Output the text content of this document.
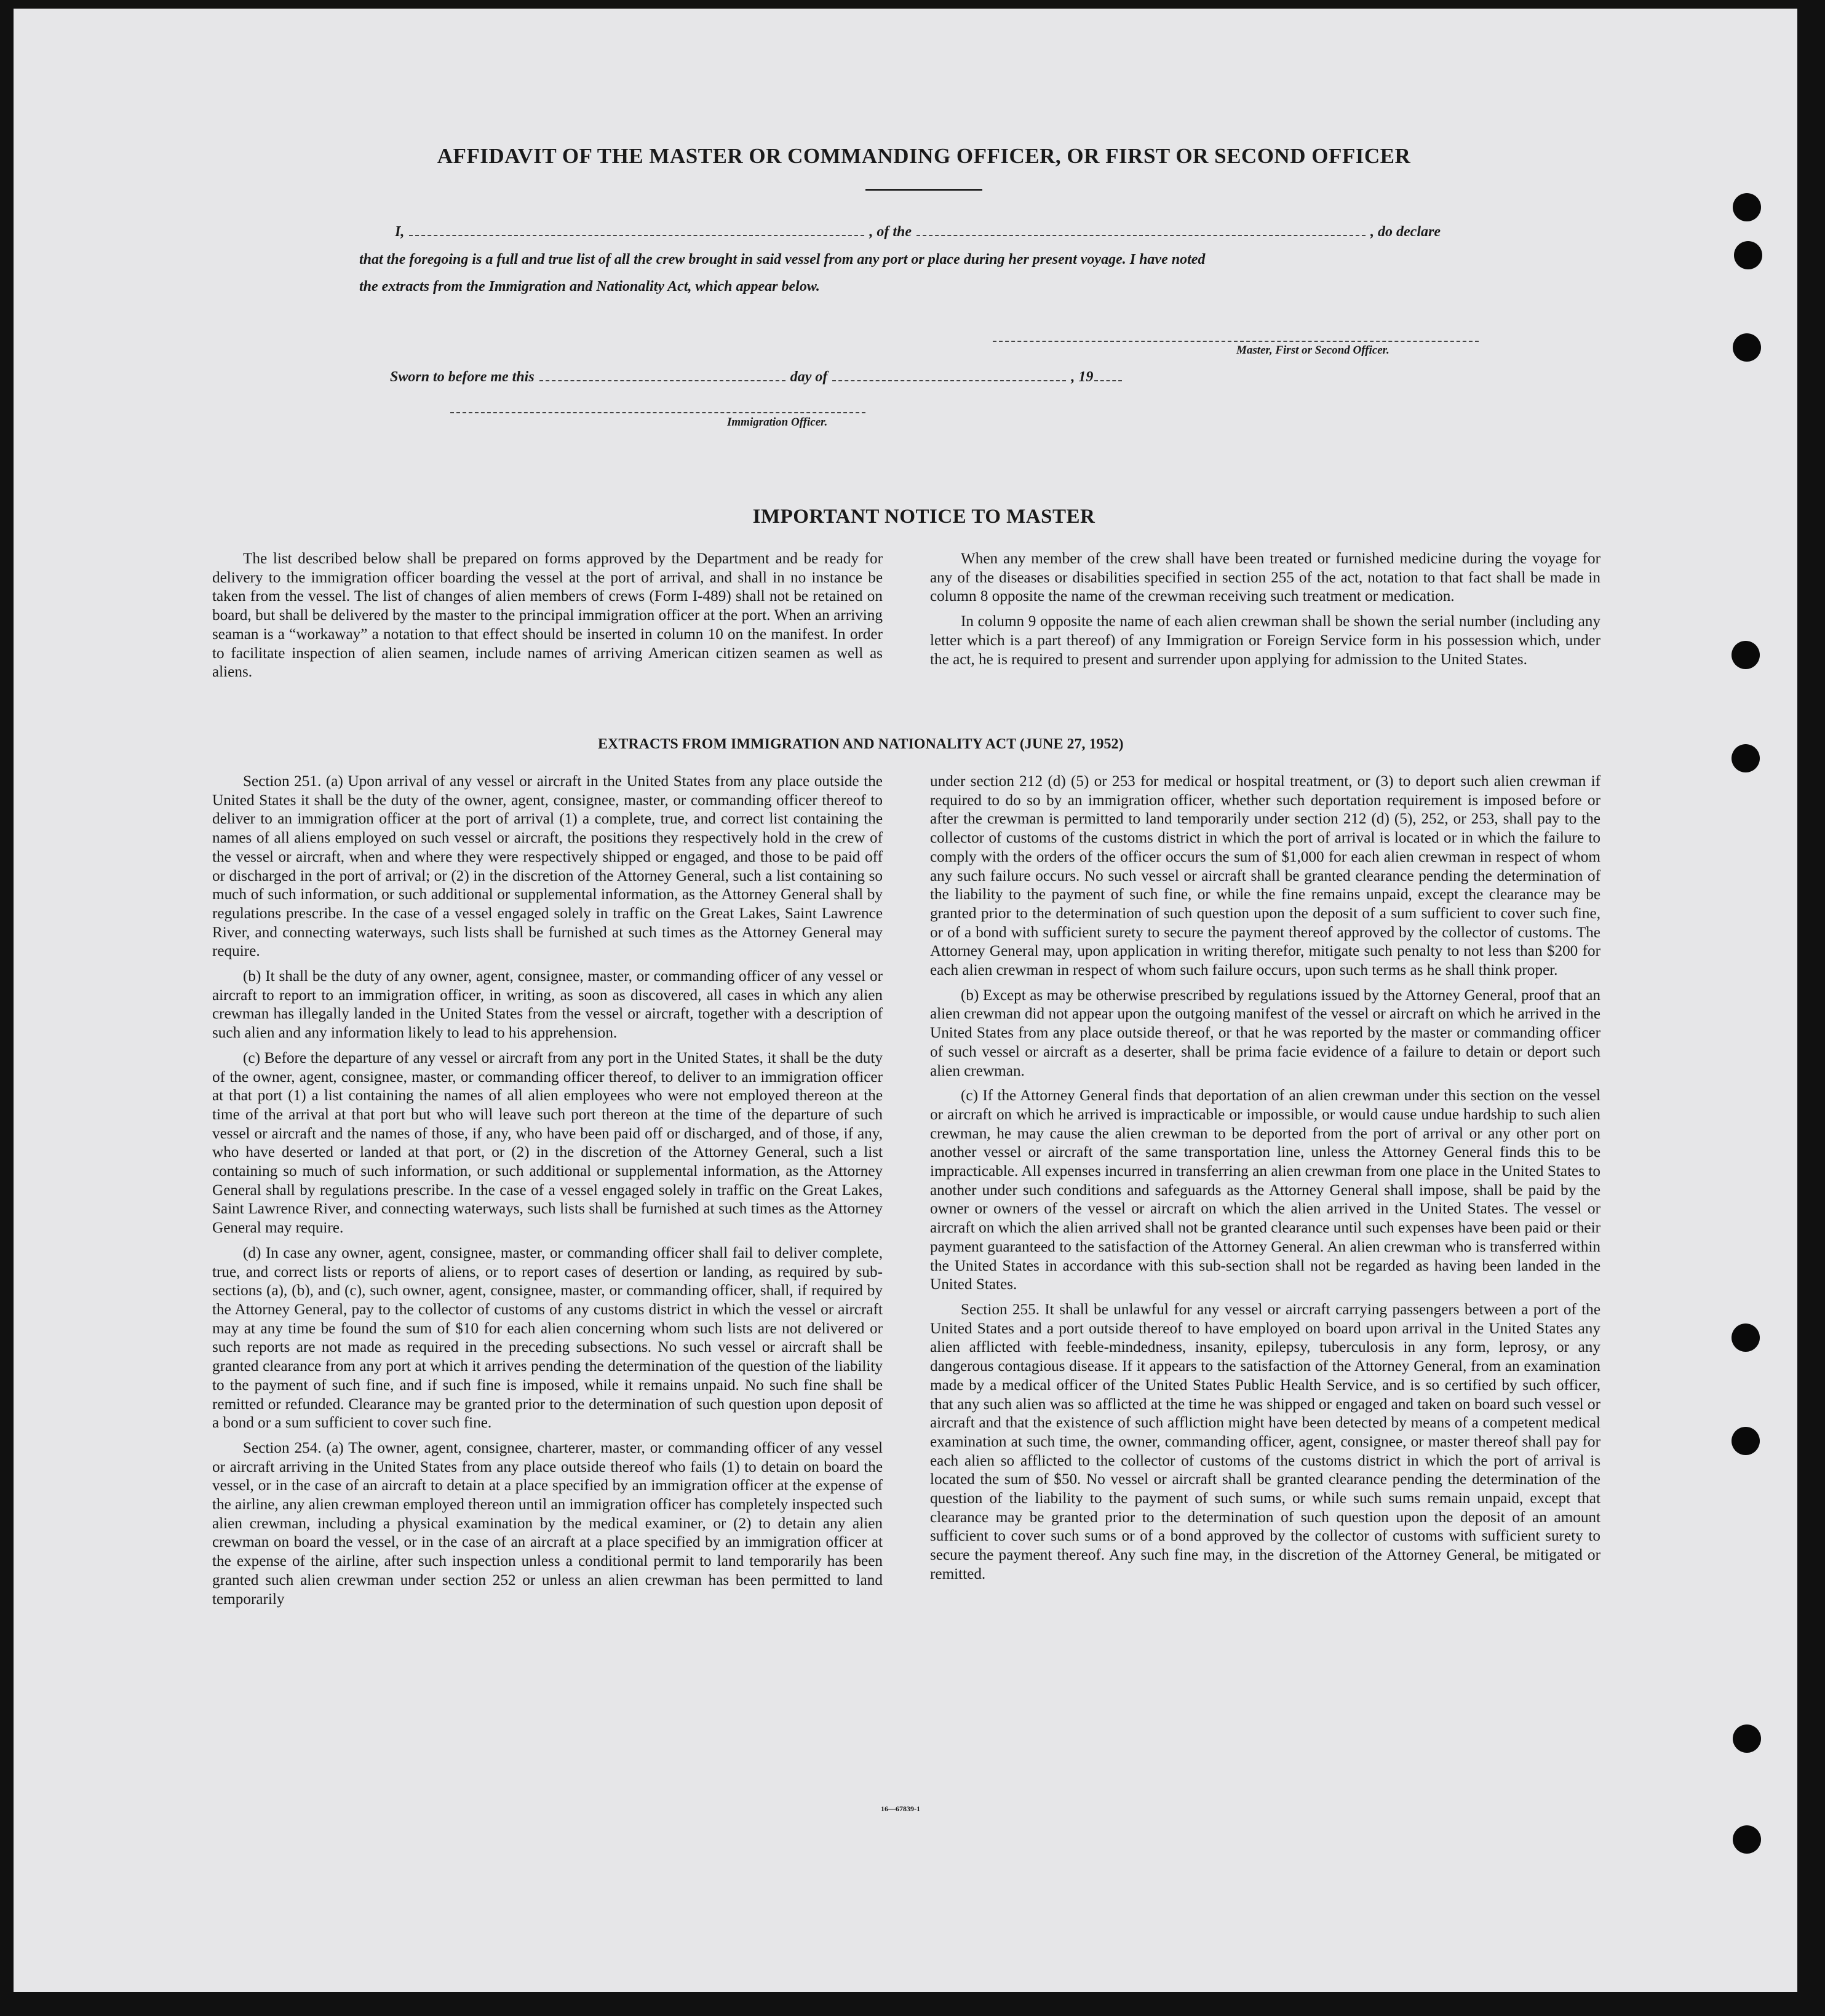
AFFIDAVIT OF THE MASTER OR COMMANDING OFFICER, OR FIRST OR SECOND OFFICER
I,	, of the	, do declare
that the foregoing is a full and true list of all the crew brought in said vessel from any port or place during her present voyage. I have noted
the extracts from the Immigration and Nationality Act, which appear below.
Master, First or Second Officer.
Sworn to before me this	day of	, 19
Immigration Officer.
IMPORTANT NOTICE TO MASTER

The list described below shall be prepared on forms approved by the Department and be ready for delivery to the immigration officer boarding the vessel at the port of arrival, and shall in no instance be taken from the vessel. The list of changes of alien members of crews (Form I-489) shall not be retained on board, but shall be delivered by the master to the principal immigration officer at the port. When an arriving seaman is a “workaway” a notation to that effect should be inserted in column 10 on the manifest. In order to facilitate inspection of alien seamen, include names of arriving American citizen seamen as well as aliens.

When any member of the crew shall have been treated or furnished medicine during the voyage for any of the diseases or disabilities specified in section 255 of the act, notation to that fact shall be made in column 8 opposite the name of the crewman receiving such treatment or medication.

In column 9 opposite the name of each alien crewman shall be shown the serial number (including any letter which is a part thereof) of any Immigration or Foreign Service form in his possession which, under the act, he is required to present and surrender upon applying for admission to the United States.

EXTRACTS FROM IMMIGRATION AND NATIONALITY ACT (JUNE 27, 1952)

Section 251. (a) Upon arrival of any vessel or aircraft in the United States from any place outside the United States it shall be the duty of the owner, agent, consignee, master, or commanding officer thereof to deliver to an immigration officer at the port of arrival (1) a complete, true, and correct list containing the names of all aliens employed on such vessel or aircraft, the positions they respectively hold in the crew of the vessel or aircraft, when and where they were respectively shipped or engaged, and those to be paid off or discharged in the port of arrival; or (2) in the discretion of the Attorney General, such a list containing so much of such information, or such additional or supplemental information, as the Attorney General shall by regulations prescribe. In the case of a vessel engaged solely in traffic on the Great Lakes, Saint Lawrence River, and connecting waterways, such lists shall be furnished at such times as the Attorney General may require.

(b) It shall be the duty of any owner, agent, consignee, master, or commanding officer of any vessel or aircraft to report to an immigration officer, in writing, as soon as discovered, all cases in which any alien crewman has illegally landed in the United States from the vessel or aircraft, together with a description of such alien and any information likely to lead to his apprehension.

(c) Before the departure of any vessel or aircraft from any port in the United States, it shall be the duty of the owner, agent, consignee, master, or commanding officer thereof, to deliver to an immigration officer at that port (1) a list containing the names of all alien employees who were not employed thereon at the time of the arrival at that port but who will leave such port thereon at the time of the departure of such vessel or aircraft and the names of those, if any, who have been paid off or discharged, and of those, if any, who have deserted or landed at that port, or (2) in the discretion of the Attorney General, such a list containing so much of such information, or such additional or supplemental information, as the Attorney General shall by regulations prescribe. In the case of a vessel engaged solely in traffic on the Great Lakes, Saint Lawrence River, and connecting waterways, such lists shall be furnished at such times as the Attorney General may require.

(d) In case any owner, agent, consignee, master, or commanding officer shall fail to deliver complete, true, and correct lists or reports of aliens, or to report cases of desertion or landing, as required by sub-sections (a), (b), and (c), such owner, agent, consignee, master, or commanding officer, shall, if required by the Attorney General, pay to the collector of customs of any customs district in which the vessel or aircraft may at any time be found the sum of $10 for each alien concerning whom such lists are not delivered or such reports are not made as required in the preceding subsections. No such vessel or aircraft shall be granted clearance from any port at which it arrives pending the determination of the question of the liability to the payment of such fine, and if such fine is imposed, while it remains unpaid. No such fine shall be remitted or refunded. Clearance may be granted prior to the determination of such question upon deposit of a bond or a sum sufficient to cover such fine.

Section 254. (a) The owner, agent, consignee, charterer, master, or commanding officer of any vessel or aircraft arriving in the United States from any place outside thereof who fails (1) to detain on board the vessel, or in the case of an aircraft to detain at a place specified by an immigration officer at the expense of the airline, any alien crewman employed thereon until an immigration officer has completely inspected such alien crewman, including a physical examination by the medical examiner, or (2) to detain any alien crewman on board the vessel, or in the case of an aircraft at a place specified by an immigration officer at the expense of the airline, after such inspection unless a conditional permit to land temporarily has been granted such alien crewman under section 252 or unless an alien crewman has been permitted to land temporarily

under section 212 (d) (5) or 253 for medical or hospital treatment, or (3) to deport such alien crewman if required to do so by an immigration officer, whether such deportation requirement is imposed before or after the crewman is permitted to land temporarily under section 212 (d) (5), 252, or 253, shall pay to the collector of customs of the customs district in which the port of arrival is located or in which the failure to comply with the orders of the officer occurs the sum of $1,000 for each alien crewman in respect of whom any such failure occurs. No such vessel or aircraft shall be granted clearance pending the determination of the liability to the payment of such fine, or while the fine remains unpaid, except the clearance may be granted prior to the determination of such question upon the deposit of a sum sufficient to cover such fine, or of a bond with sufficient surety to secure the payment thereof approved by the collector of customs. The Attorney General may, upon application in writing therefor, mitigate such penalty to not less than $200 for each alien crewman in respect of whom such failure occurs, upon such terms as he shall think proper.

(b) Except as may be otherwise prescribed by regulations issued by the Attorney General, proof that an alien crewman did not appear upon the outgoing manifest of the vessel or aircraft on which he arrived in the United States from any place outside thereof, or that he was reported by the master or commanding officer of such vessel or aircraft as a deserter, shall be prima facie evidence of a failure to detain or deport such alien crewman.

(c) If the Attorney General finds that deportation of an alien crewman under this section on the vessel or aircraft on which he arrived is impracticable or impossible, or would cause undue hardship to such alien crewman, he may cause the alien crewman to be deported from the port of arrival or any other port on another vessel or aircraft of the same transportation line, unless the Attorney General finds this to be impracticable. All expenses incurred in transferring an alien crewman from one place in the United States to another under such conditions and safeguards as the Attorney General shall impose, shall be paid by the owner or owners of the vessel or aircraft on which the alien arrived in the United States. The vessel or aircraft on which the alien arrived shall not be granted clearance until such expenses have been paid or their payment guaranteed to the satisfaction of the Attorney General. An alien crewman who is transferred within the United States in accordance with this sub-section shall not be regarded as having been landed in the United States.

Section 255. It shall be unlawful for any vessel or aircraft carrying passengers between a port of the United States and a port outside thereof to have employed on board upon arrival in the United States any alien afflicted with feeble-mindedness, insanity, epilepsy, tuberculosis in any form, leprosy, or any dangerous contagious disease. If it appears to the satisfaction of the Attorney General, from an examination made by a medical officer of the United States Public Health Service, and is so certified by such officer, that any such alien was so afflicted at the time he was shipped or engaged and taken on board such vessel or aircraft and that the existence of such affliction might have been detected by means of a competent medical examination at such time, the owner, commanding officer, agent, consignee, or master thereof shall pay for each alien so afflicted to the collector of customs of the customs district in which the port of arrival is located the sum of $50. No vessel or aircraft shall be granted clearance pending the determination of the question of the liability to the payment of such sums, or while such sums remain unpaid, except that clearance may be granted prior to the determination of such question upon the deposit of an amount sufficient to cover such sums or of a bond approved by the collector of customs with sufficient surety to secure the payment thereof. Any such fine may, in the discretion of the Attorney General, be mitigated or remitted.

16—67839-1
